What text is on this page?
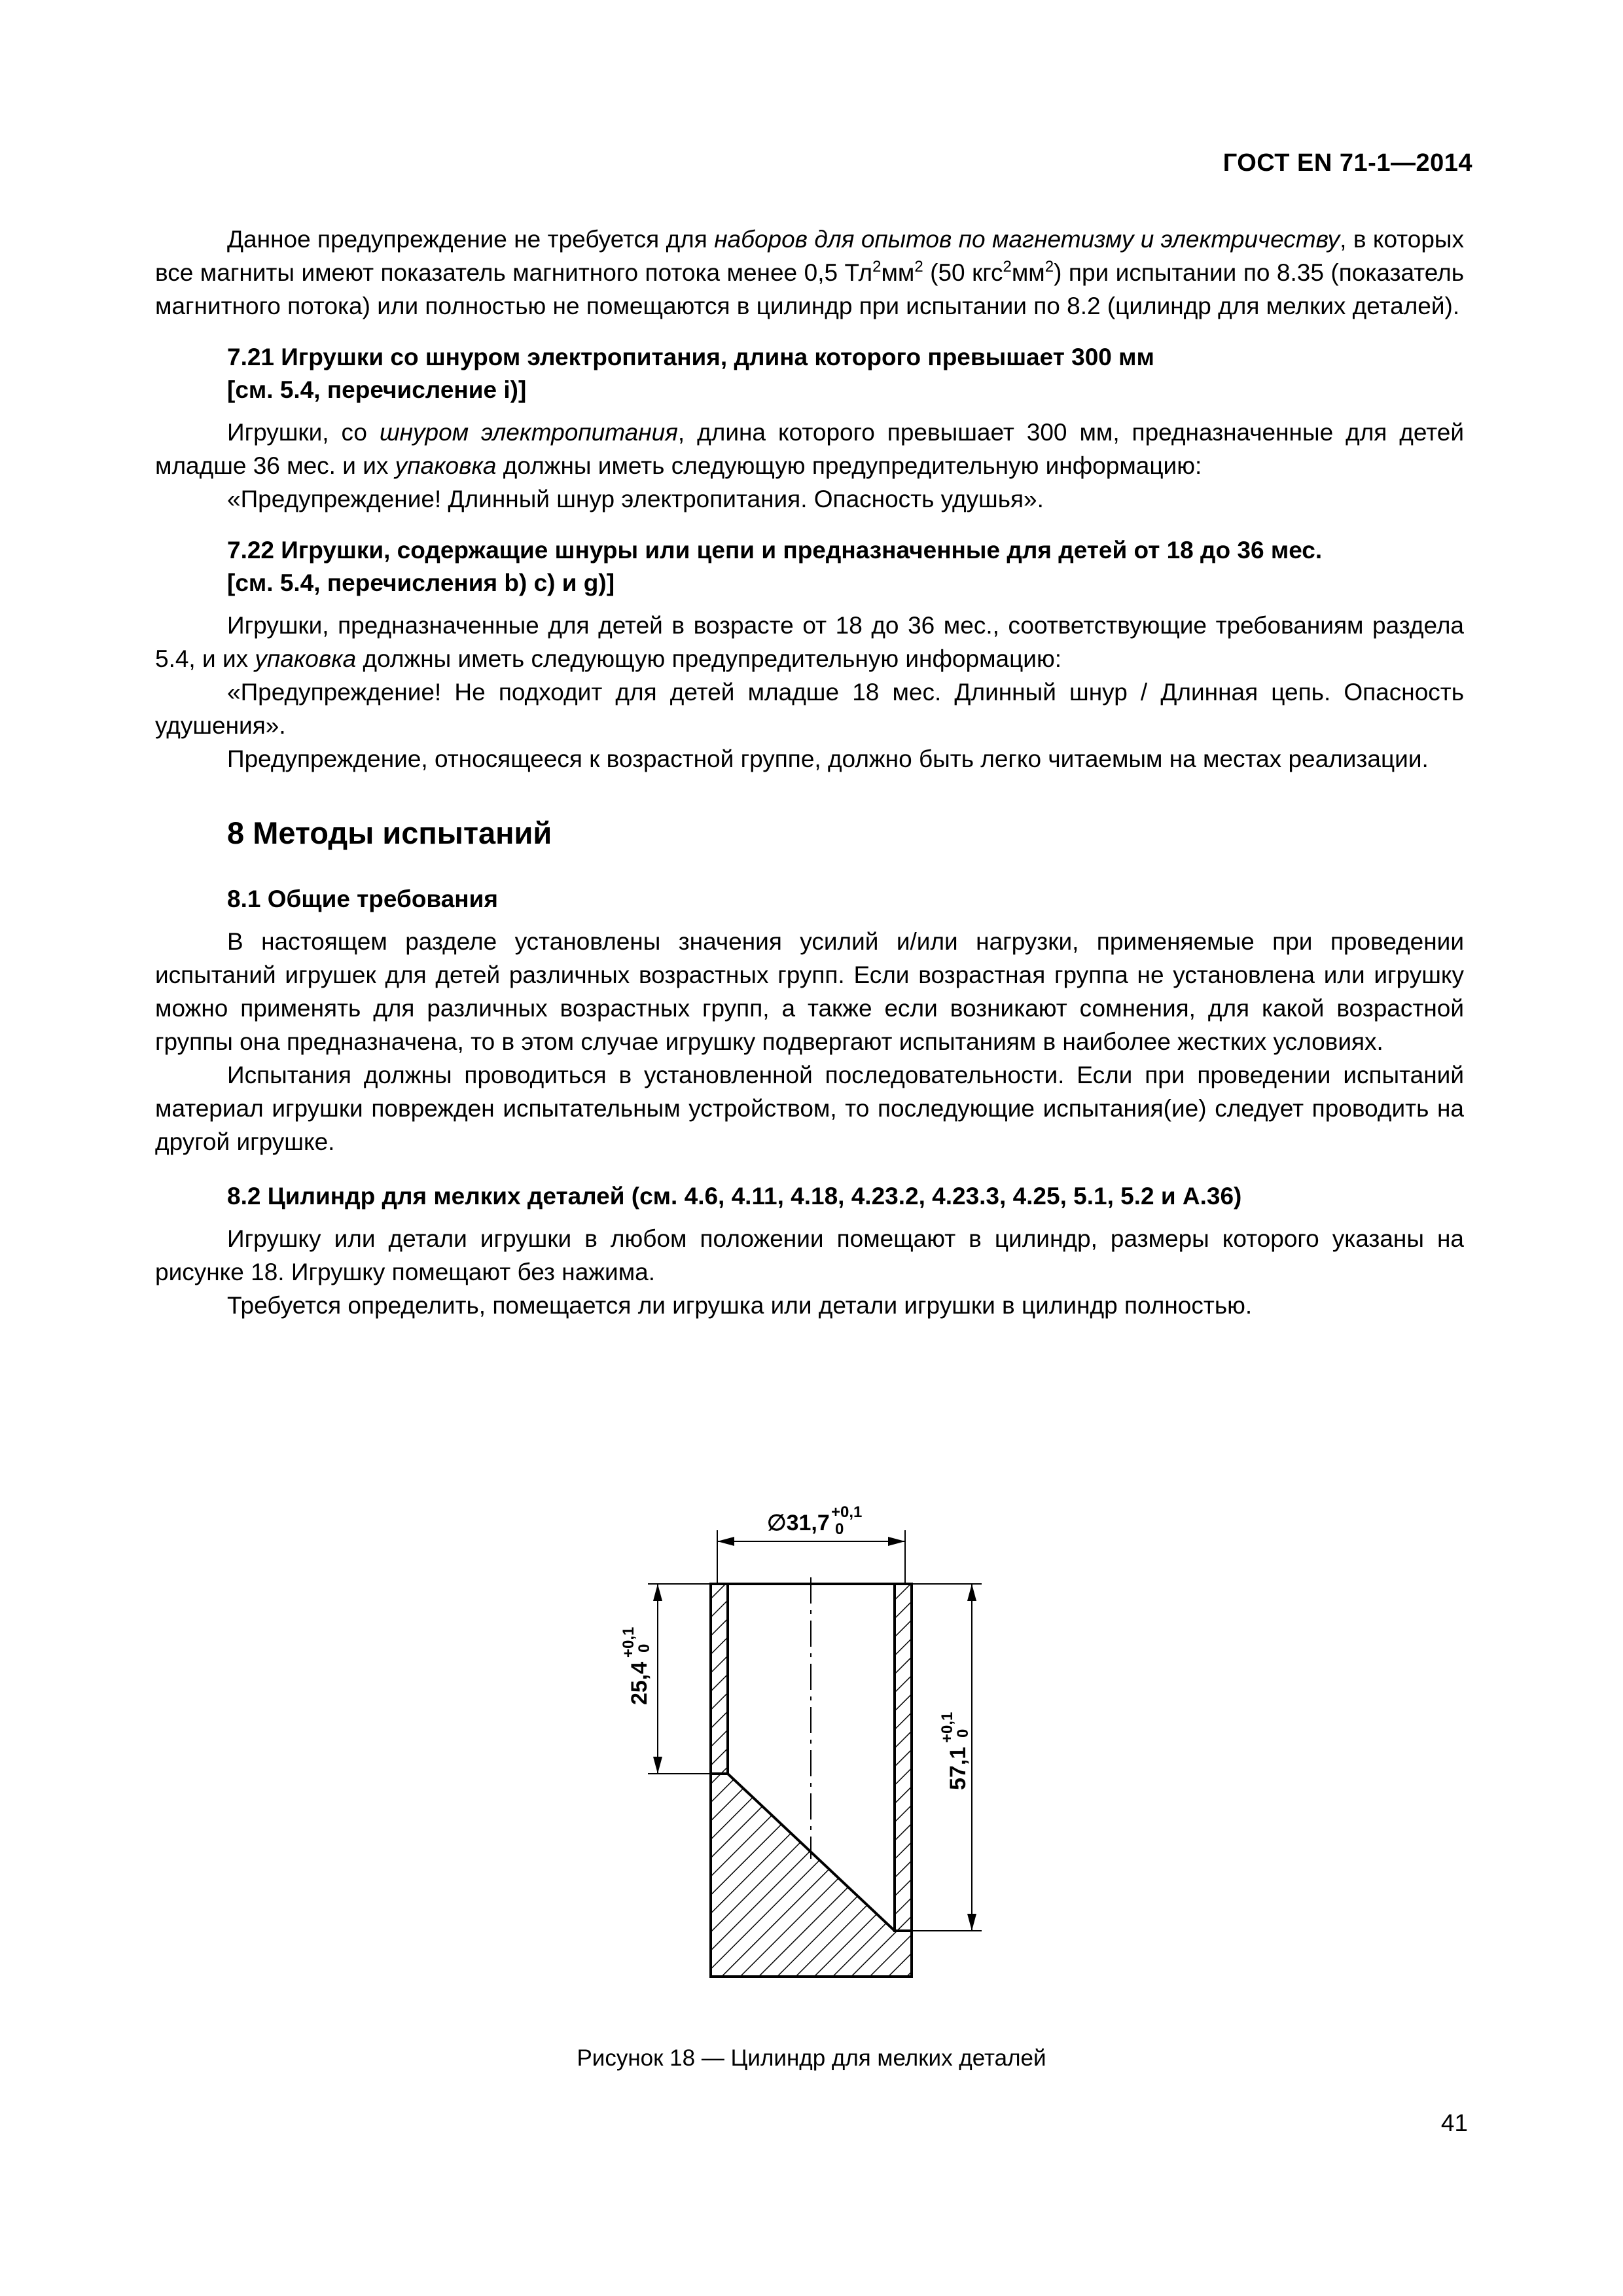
ГОСТ EN 71-1—2014

Данное предупреждение не требуется для наборов для опытов по магнетизму и электричеству, в которых все магниты имеют показатель магнитного потока менее 0,5 $Тл^2мм^2$ (50 $кгс^2мм^2$) при испытании по 8.35 (показатель магнитного потока) или полностью не помещаются в цилиндр при испытании по 8.2 (цилиндр для мелких деталей).

7.21 Игрушки со шнуром электропитания, длина которого превышает 300 мм
[см. 5.4, перечисление i)]

Игрушки, со шнуром электропитания, длина которого превышает 300 мм, предназначенные для детей младше 36 мес. и их упаковка должны иметь следующую предупредительную информацию:

«Предупреждение! Длинный шнур электропитания. Опасность удушья».

7.22 Игрушки, содержащие шнуры или цепи и предназначенные для детей от 18 до 36 мес.
[см. 5.4, перечисления b) c) и g)]

Игрушки, предназначенные для детей в возрасте от 18 до 36 мес., соответствующие требованиям раздела 5.4, и их упаковка должны иметь следующую предупредительную информацию:

«Предупреждение! Не подходит для детей младше 18 мес. Длинный шнур / Длинная цепь. Опасность удушения».

Предупреждение, относящееся к возрастной группе, должно быть легко читаемым на местах реализации.

8 Методы испытаний
8.1 Общие требования

В настоящем разделе установлены значения усилий и/или нагрузки, применяемые при проведении испытаний игрушек для детей различных возрастных групп. Если возрастная группа не установлена или игрушку можно применять для различных возрастных групп, а также если возникают сомнения, для какой возрастной группы она предназначена, то в этом случае игрушку подвергают испытаниям в наиболее жестких условиях.

Испытания должны проводиться в установленной последовательности. Если при проведении испытаний материал игрушки поврежден испытательным устройством, то последующие испытания(ие) следует проводить на другой игрушке.

8.2 Цилиндр для мелких деталей (см. 4.6, 4.11, 4.18, 4.23.2, 4.23.3, 4.25, 5.1, 5.2 и А.36)

Игрушку или детали игрушки в любом положении помещают в цилиндр, размеры которого указаны на рисунке 18. Игрушку помещают без нажима.

Требуется определить, помещается ли игрушка или детали игрушки в цилиндр полностью.

∅31,7 +0,1
0
25,4
+0,1
0
57,1
+0,1
0
Рисунок 18 — Цилиндр для мелких деталей
41
